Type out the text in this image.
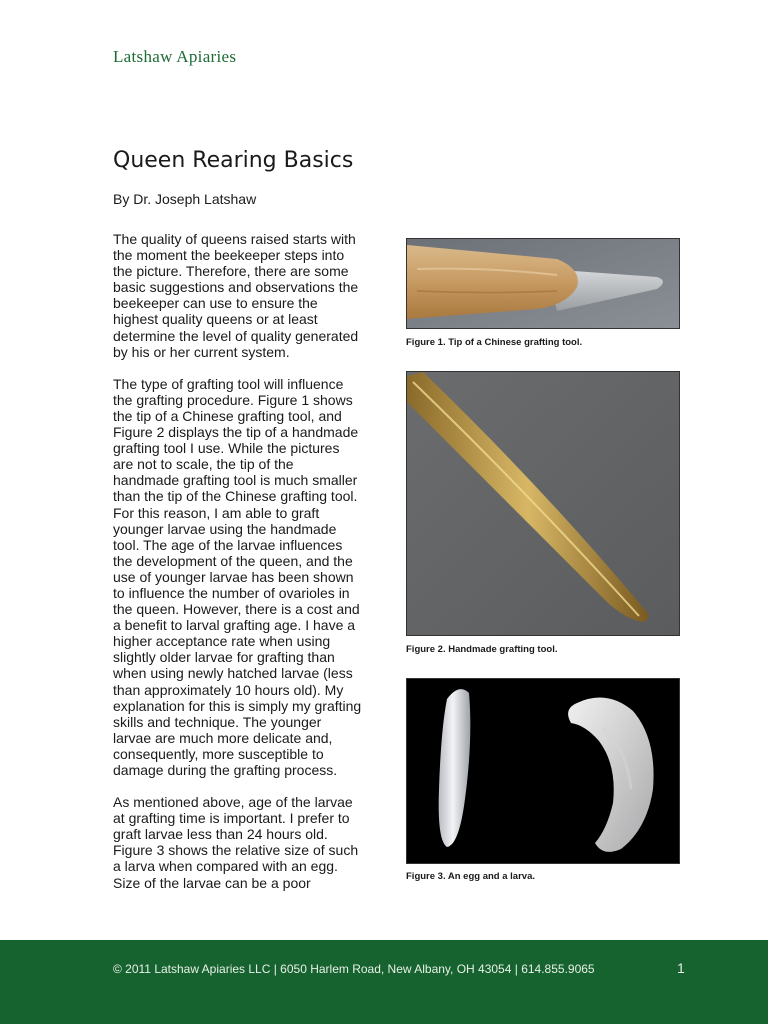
Latshaw Apiaries
Queen Rearing Basics
By Dr. Joseph Latshaw

The quality of queens raised starts with the moment the beekeeper steps into the picture. Therefore, there are some basic suggestions and observations the beekeeper can use to ensure the highest quality queens or at least determine the level of quality generated by his or her current system.

The type of grafting tool will influence the grafting procedure. Figure 1 shows the tip of a Chinese grafting tool, and Figure 2 displays the tip of a handmade grafting tool I use. While the pictures are not to scale, the tip of the handmade grafting tool is much smaller than the tip of the Chinese grafting tool. For this reason, I am able to graft younger larvae using the handmade tool. The age of the larvae influences the development of the queen, and the use of younger larvae has been shown to influence the number of ovarioles in the queen. However, there is a cost and a benefit to larval grafting age. I have a higher acceptance rate when using slightly older larvae for grafting than when using newly hatched larvae (less than approximately 10 hours old). My explanation for this is simply my grafting skills and technique. The younger larvae are much more delicate and, consequently, more susceptible to damage during the grafting process.

As mentioned above, age of the larvae at grafting time is important. I prefer to graft larvae less than 24 hours old. Figure 3 shows the relative size of such a larva when compared with an egg. Size of the larvae can be a poor

Figure 1. Tip of a Chinese grafting tool.
Figure 2. Handmade grafting tool.
Figure 3. An egg and a larva.
© 2011 Latshaw Apiaries LLC | 6050 Harlem Road, New Albany, OH 43054 | 614.855.9065	1
